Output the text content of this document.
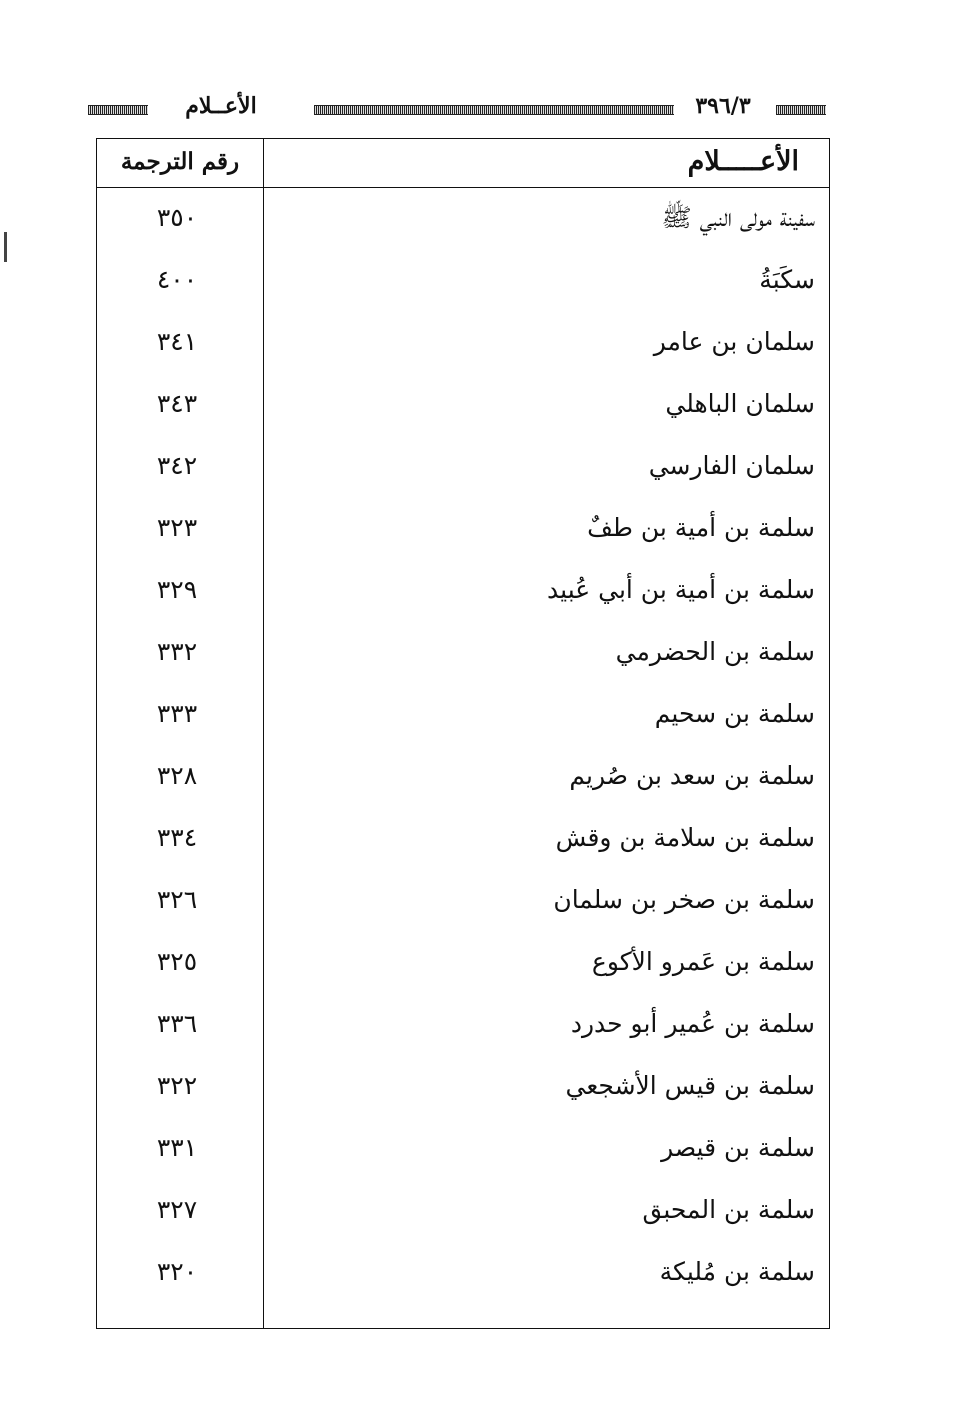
الأعــلام	٣٩٦/٣
رقم الترجمة	الأعـــــلام
٣٥٠	سفينة مولى النبي ﷺ
٤٠٠	سكَبَةُ
٣٤١	سلمان بن عامر
٣٤٣	سلمان الباهلي
٣٤٢	سلمان الفارسي
٣٢٣	سلمة بن أمية بن طفٌ
٣٢٩	سلمة بن أمية بن أبي عُبيد
٣٣٢	سلمة بن الحضرمي
٣٣٣	سلمة بن سحيم
٣٢٨	سلمة بن سعد بن صُريم
٣٣٤	سلمة بن سلامة بن وقش
٣٢٦	سلمة بن صخر بن سلمان
٣٢٥	سلمة بن عَمرو الأكوع
٣٣٦	سلمة بن عُمير أبو حدرد
٣٢٢	سلمة بن قيس الأشجعي
٣٣١	سلمة بن قيصر
٣٢٧	سلمة بن المحبق
٣٢٠	سلمة بن مُليكة
